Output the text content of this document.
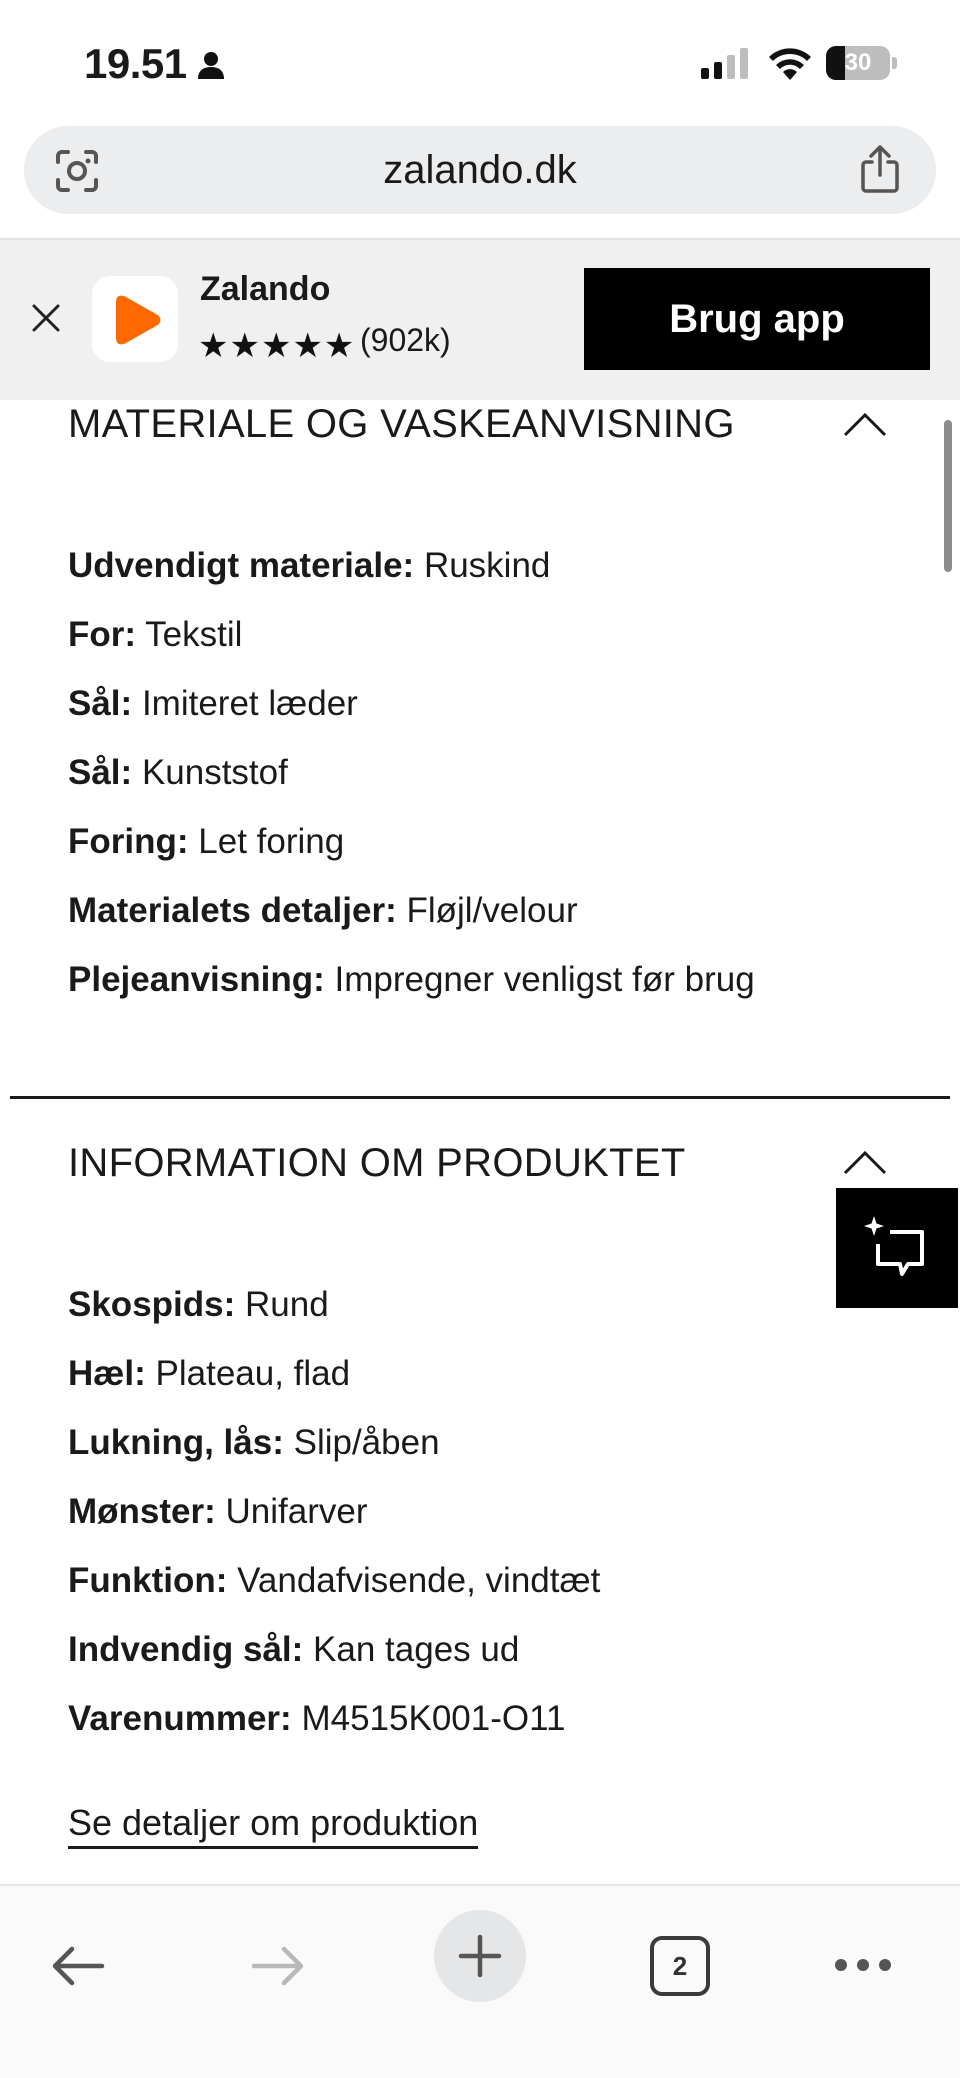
19.51	30
zalando.dk
Zalando
★★★★★ (902k)	Brug app
MATERIALE OG VASKEANVISNING
Udvendigt materiale: Ruskind
For: Tekstil
Sål: Imiteret læder
Sål: Kunststof
Foring: Let foring
Materialets detaljer: Fløjl/velour
Plejeanvisning: Impregner venligst før brug
INFORMATION OM PRODUKTET
Skospids: Rund
Hæl: Plateau, flad
Lukning, lås: Slip/åben
Mønster: Unifarver
Funktion: Vandafvisende, vindtæt
Indvendig sål: Kan tages ud
Varenummer: M4515K001-O11
Se detaljer om produktion
2
